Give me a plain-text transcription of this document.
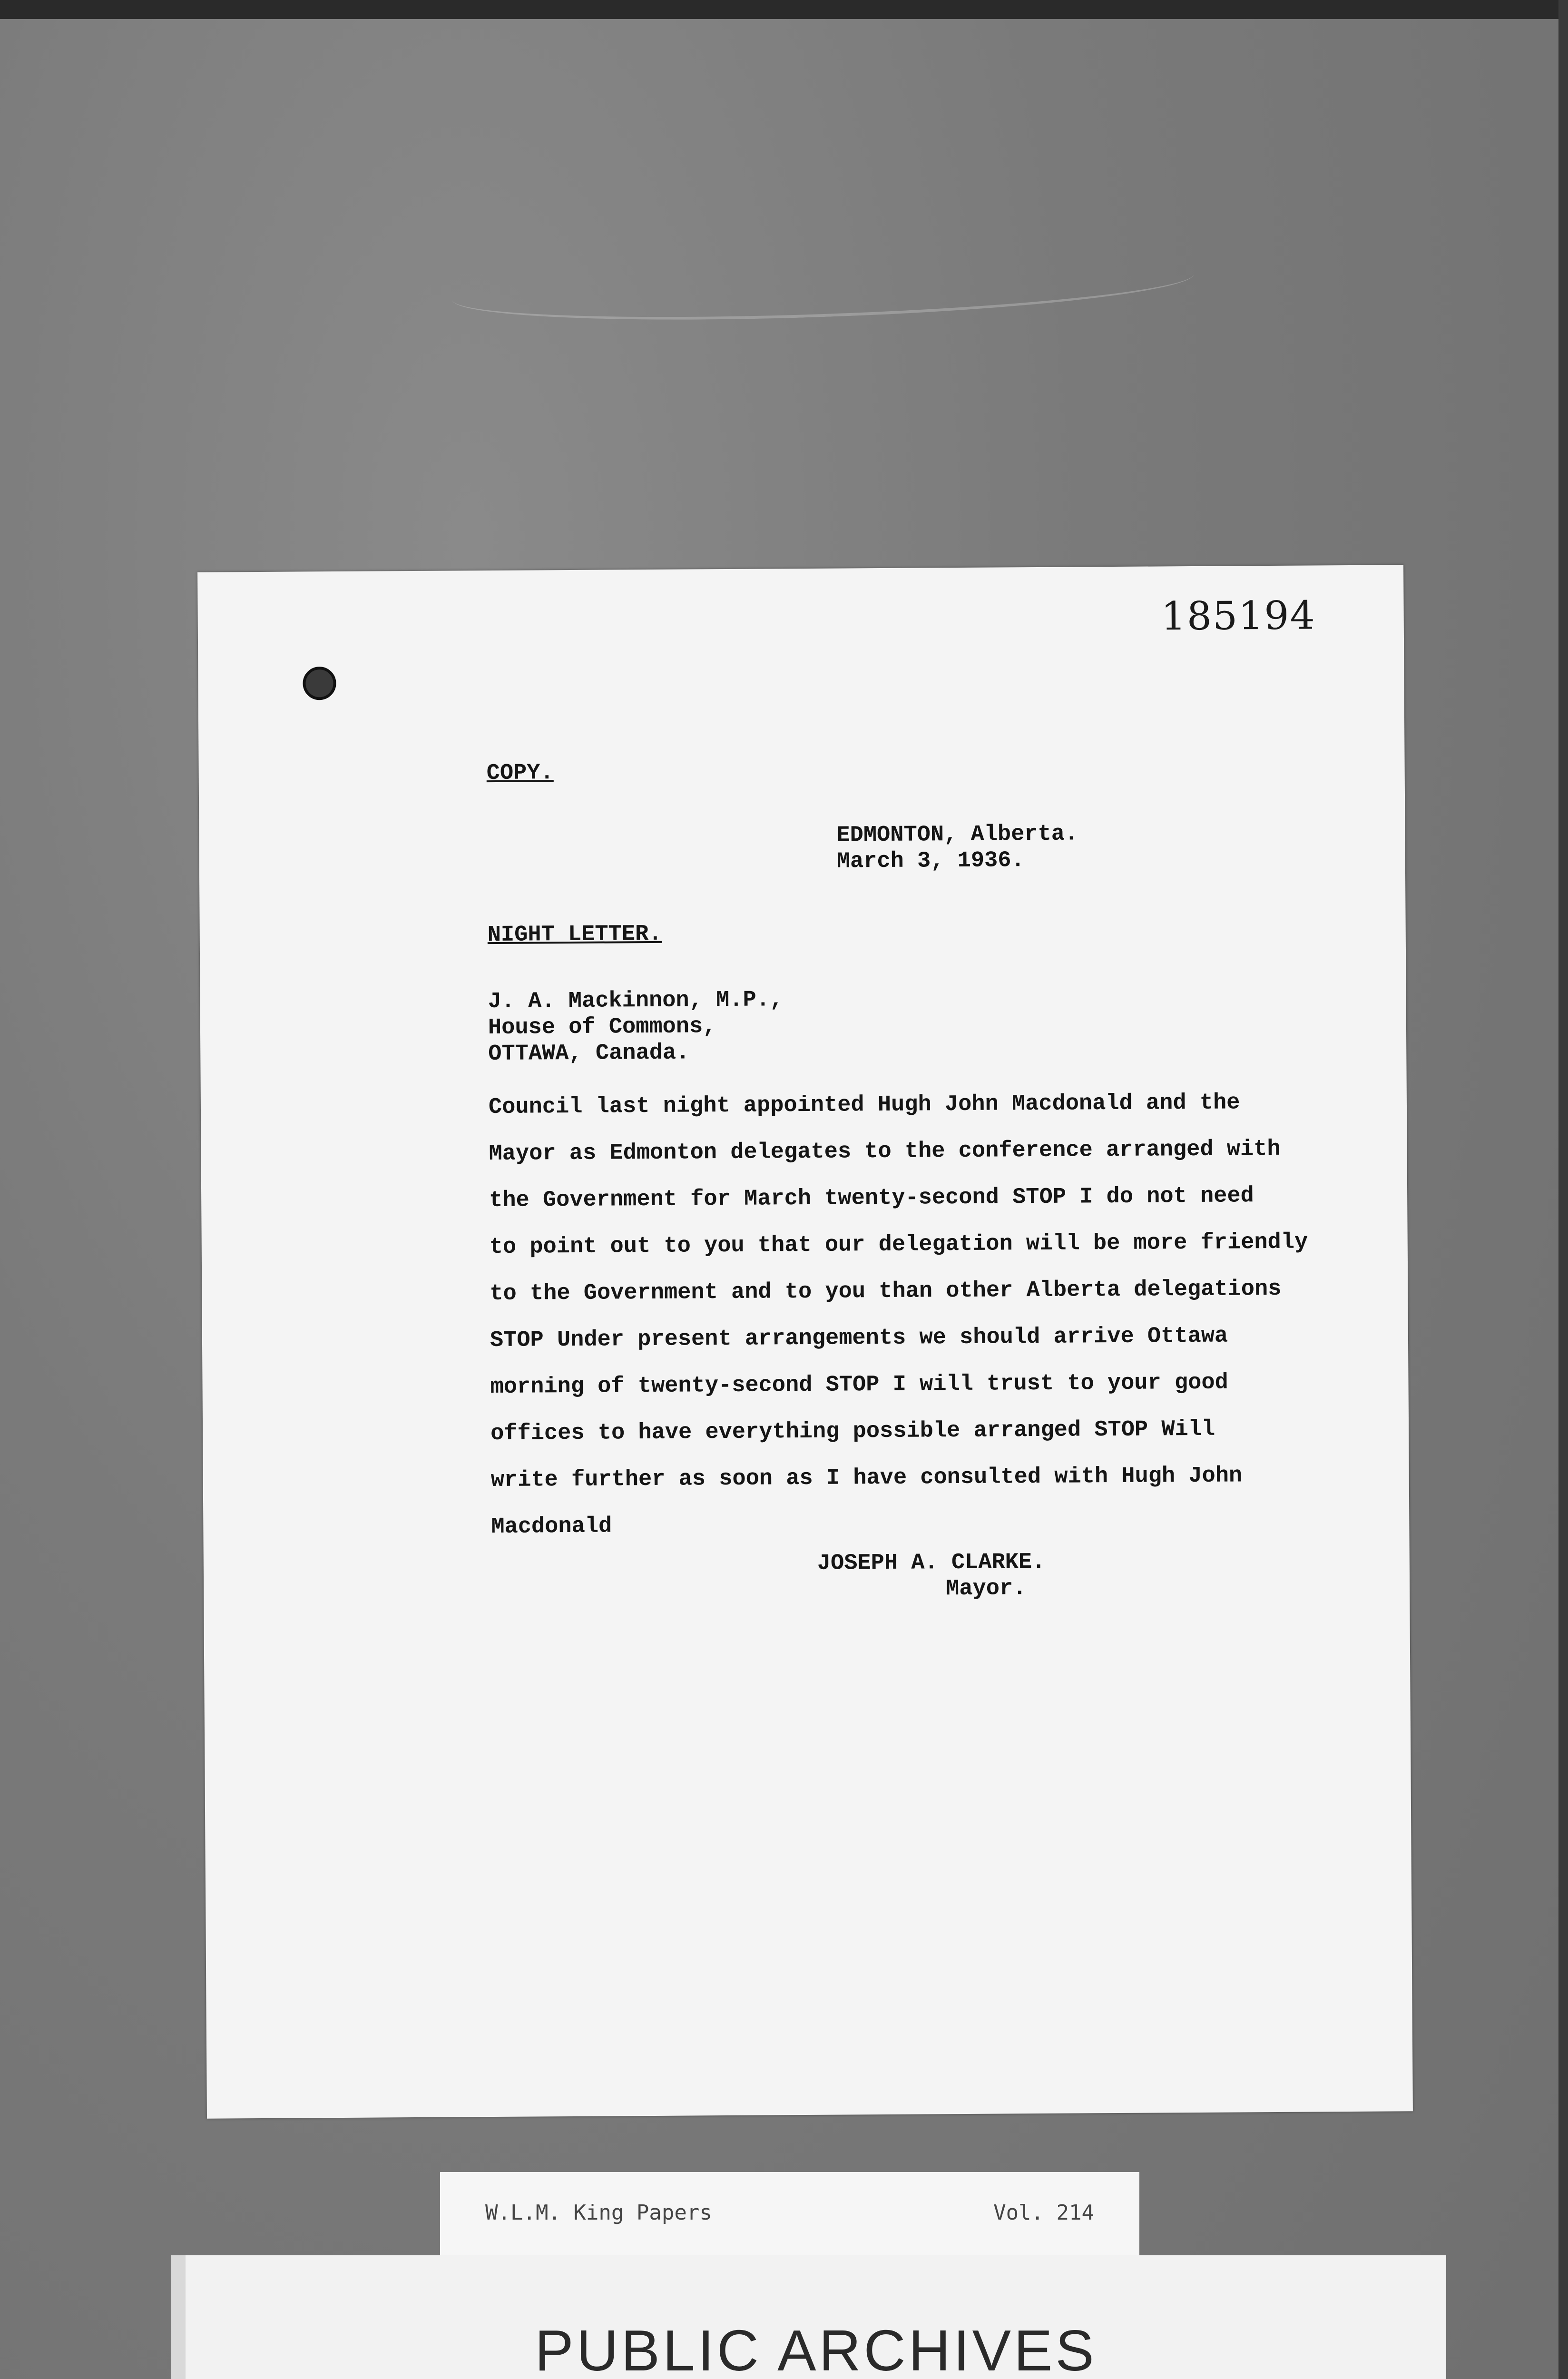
185194
COPY.
EDMONTON, Alberta.
March 3, 1936.
NIGHT LETTER.
J. A. Mackinnon, M.P.,
House of Commons,
OTTAWA, Canada.
Council last night appointed Hugh John Macdonald and the
Mayor as Edmonton delegates to the conference arranged with
the Government for March twenty-second STOP I do not need
to point out to you that our delegation will be more friendly
to the Government and to you than other Alberta delegations
STOP Under present arrangements we should arrive Ottawa
morning of twenty-second STOP I will trust to your good
offices to have everything possible arranged STOP Will
write further as soon as I have consulted with Hugh John
Macdonald
JOSEPH A. CLARKE.
Mayor.
W.L.M. King Papers	Vol. 214
PUBLIC ARCHIVES
